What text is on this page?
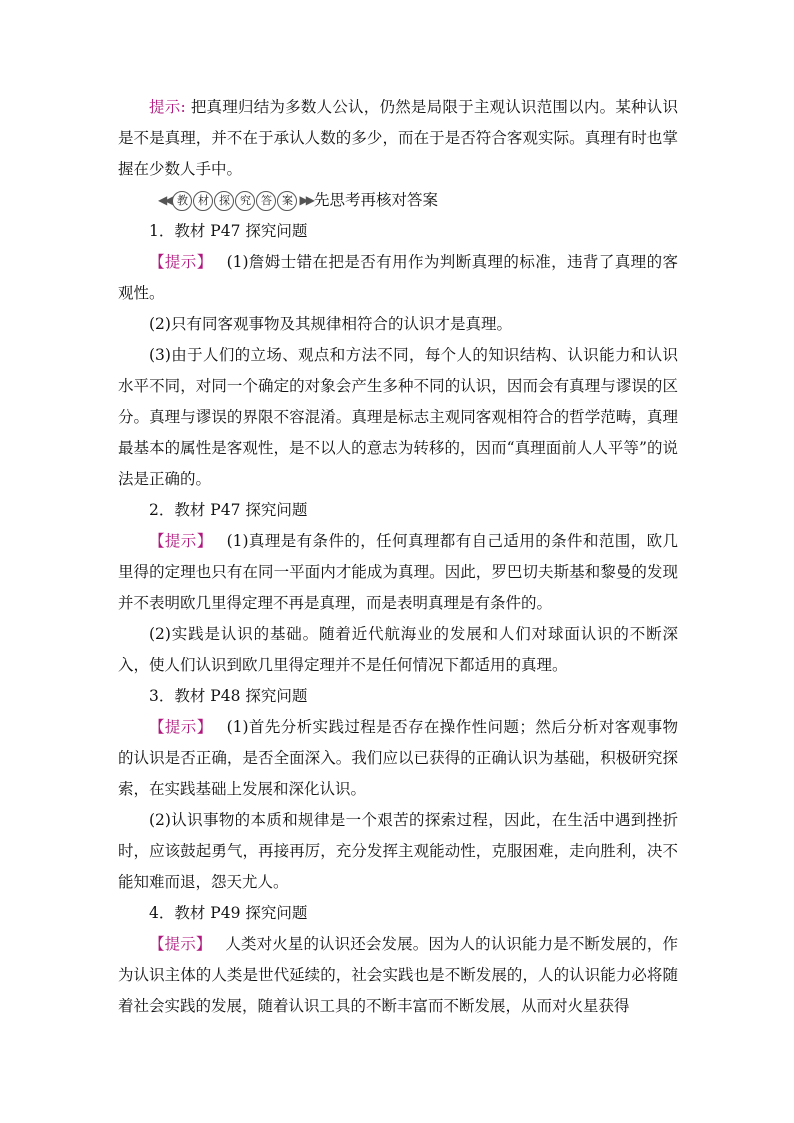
提示: 把真理归结为多数人公认，仍然是局限于主观认识范围以内。某种认识是不是真理，并不在于承认人数的多少，而在于是否符合客观实际。真理有时也掌握在少数人手中。

◀◀ 教 材 探 究 答 案 ▶▶ 先思考再核对答案

1．教材 P47 探究问题

【提示】 (1)詹姆士错在把是否有用作为判断真理的标准，违背了真理的客观性。

(2)只有同客观事物及其规律相符合的认识才是真理。

(3)由于人们的立场、观点和方法不同，每个人的知识结构、认识能力和认识水平不同，对同一个确定的对象会产生多种不同的认识，因而会有真理与谬误的区分。真理与谬误的界限不容混淆。真理是标志主观同客观相符合的哲学范畴，真理最基本的属性是客观性，是不以人的意志为转移的，因而“真理面前人人平等”的说法是正确的。

2．教材 P47 探究问题

【提示】 (1)真理是有条件的，任何真理都有自己适用的条件和范围，欧几里得的定理也只有在同一平面内才能成为真理。因此，罗巴切夫斯基和黎曼的发现并不表明欧几里得定理不再是真理，而是表明真理是有条件的。

(2)实践是认识的基础。随着近代航海业的发展和人们对球面认识的不断深入，使人们认识到欧几里得定理并不是任何情况下都适用的真理。

3．教材 P48 探究问题

【提示】 (1)首先分析实践过程是否存在操作性问题；然后分析对客观事物的认识是否正确，是否全面深入。我们应以已获得的正确认识为基础，积极研究探索，在实践基础上发展和深化认识。

(2)认识事物的本质和规律是一个艰苦的探索过程，因此，在生活中遇到挫折时，应该鼓起勇气，再接再厉，充分发挥主观能动性，克服困难，走向胜利，决不能知难而退，怨天尤人。

4．教材 P49 探究问题

【提示】 人类对火星的认识还会发展。因为人的认识能力是不断发展的，作为认识主体的人类是世代延续的，社会实践也是不断发展的，人的认识能力必将随着社会实践的发展，随着认识工具的不断丰富而不断发展，从而对火星获得
